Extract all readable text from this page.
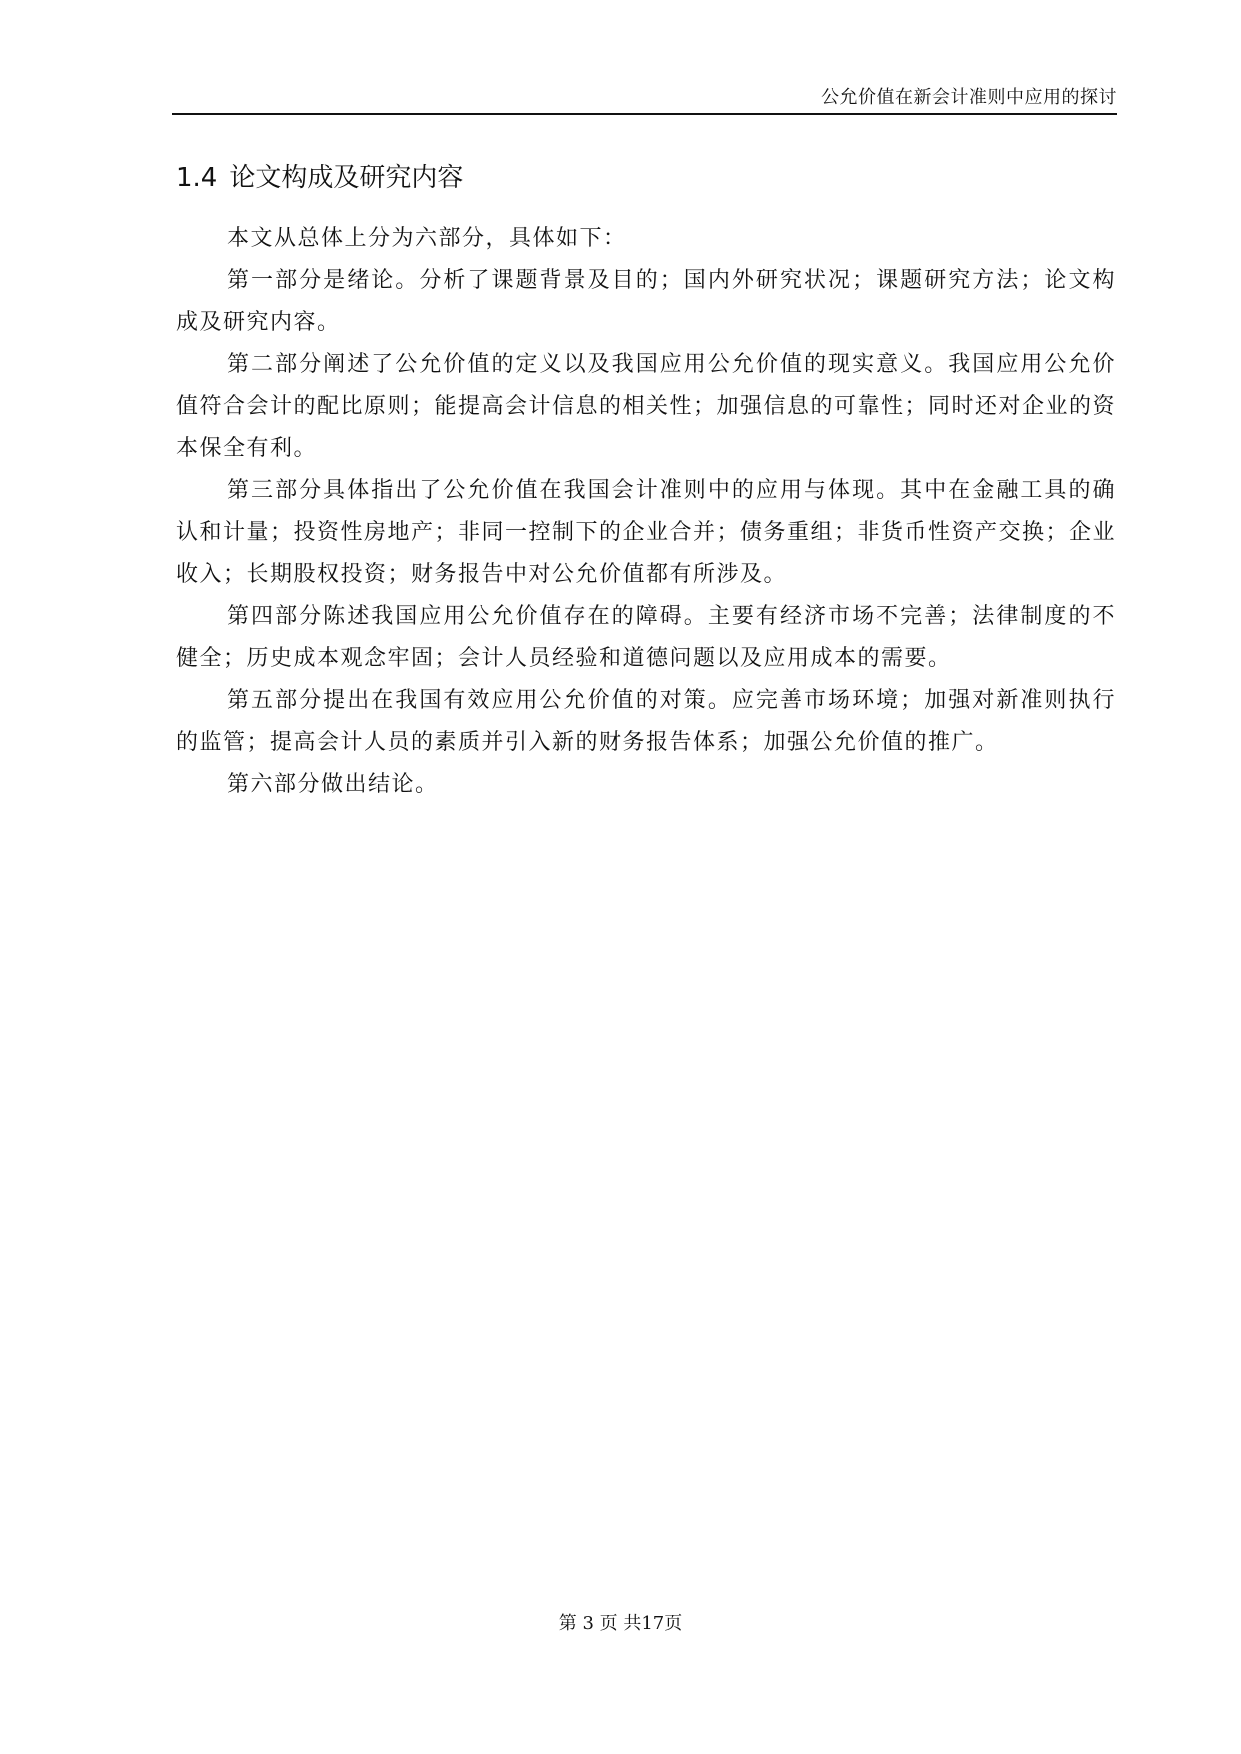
公允价值在新会计准则中应用的探讨
1.4 论文构成及研究内容

本文从总体上分为六部分，具体如下：

第一部分是绪论。分析了课题背景及目的；国内外研究状况；课题研究方法；论文构成及研究内容。

第二部分阐述了公允价值的定义以及我国应用公允价值的现实意义。我国应用公允价值符合会计的配比原则；能提高会计信息的相关性；加强信息的可靠性；同时还对企业的资本保全有利。

第三部分具体指出了公允价值在我国会计准则中的应用与体现。其中在金融工具的确认和计量；投资性房地产；非同一控制下的企业合并；债务重组；非货币性资产交换；企业收入；长期股权投资；财务报告中对公允价值都有所涉及。

第四部分陈述我国应用公允价值存在的障碍。主要有经济市场不完善；法律制度的不健全；历史成本观念牢固；会计人员经验和道德问题以及应用成本的需要。

第五部分提出在我国有效应用公允价值的对策。应完善市场环境；加强对新准则执行的监管；提高会计人员的素质并引入新的财务报告体系；加强公允价值的推广。

第六部分做出结论。

第 3 页 共17页
